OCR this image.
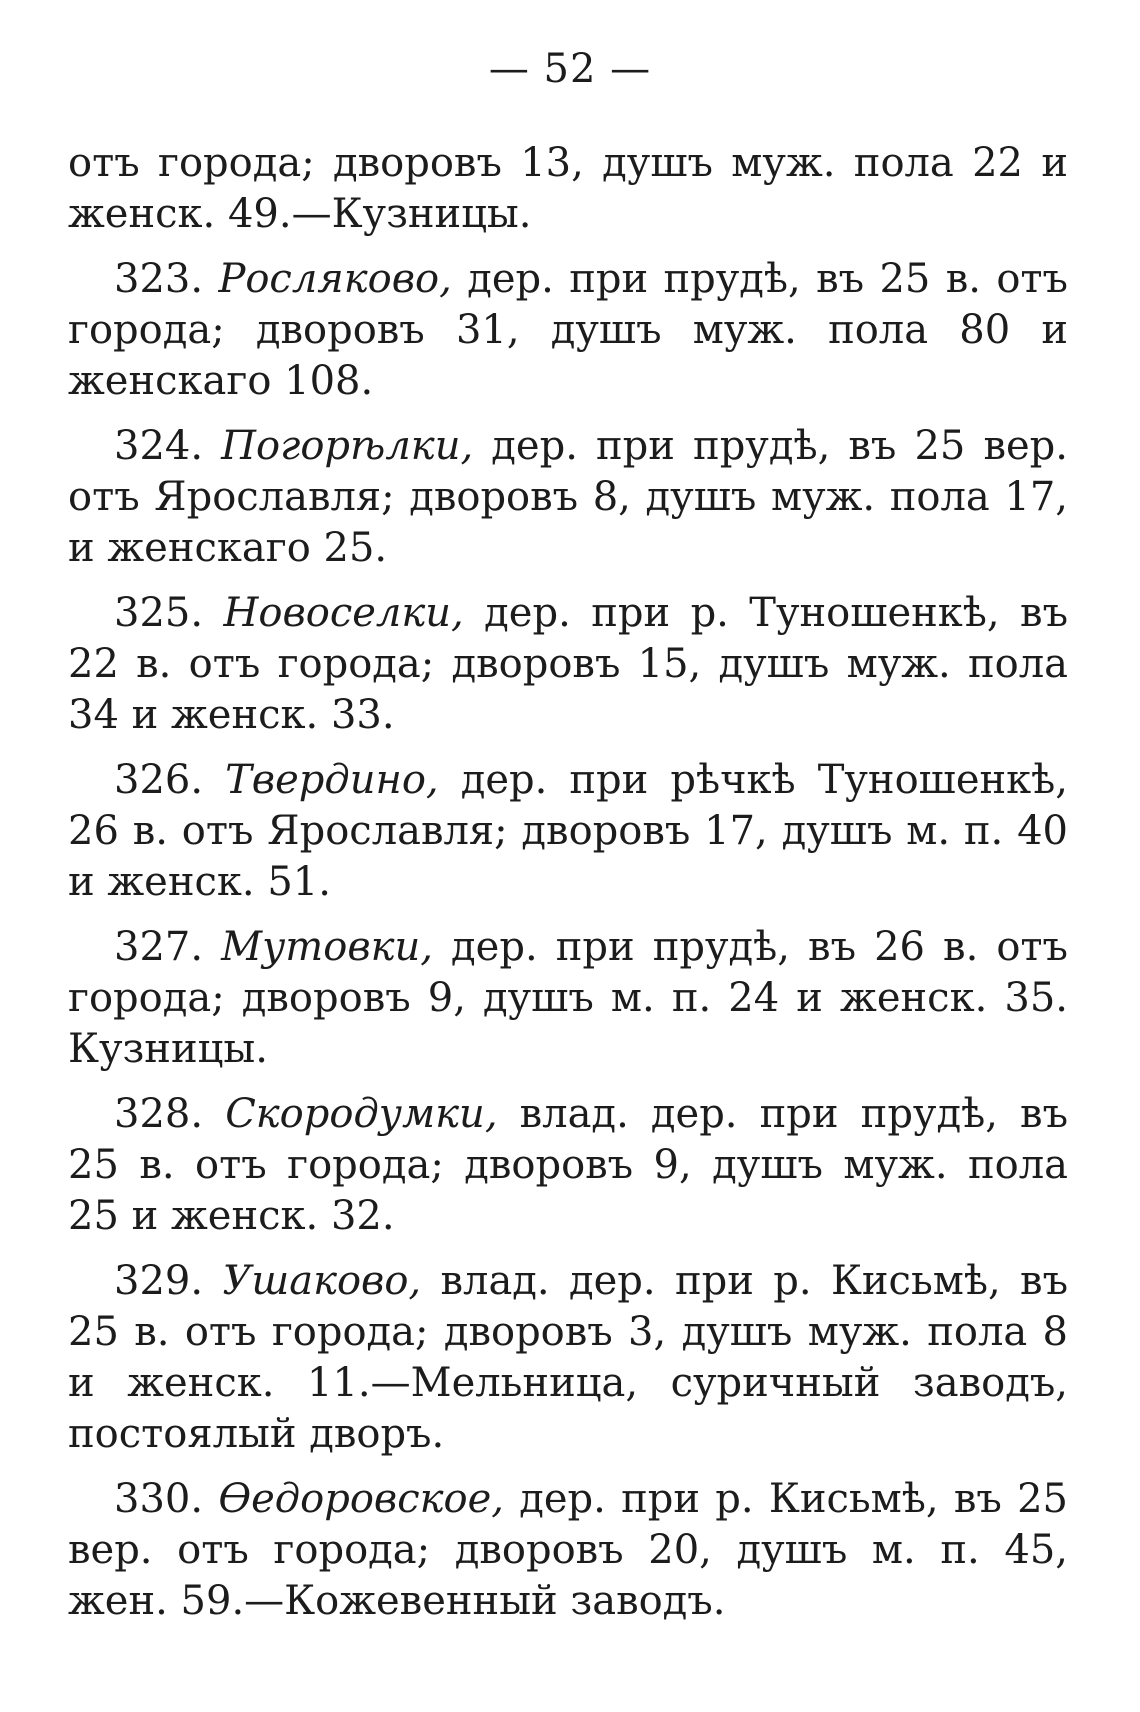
— 52 —

отъ города; дворовъ 13, душъ муж. пола 22 и женск. 49.—Кузницы.

323. Росляково, дер. при прудѣ, въ 25 в. отъ города; дворовъ 31, душъ муж. пола 80 и женскаго 108.

324. Погорѣлки, дер. при прудѣ, въ 25 вер. отъ Ярославля; дворовъ 8, душъ муж. пола 17, и женскаго 25.

325. Новоселки, дер. при р. Туношенкѣ, въ 22 в. отъ города; дворовъ 15, душъ муж. пола 34 и женск. 33.

326. Твердино, дер. при рѣчкѣ Туношенкѣ, 26 в. отъ Ярославля; дворовъ 17, душъ м. п. 40 и женск. 51.

327. Мутовки, дер. при прудѣ, въ 26 в. отъ города; дворовъ 9, душъ м. п. 24 и женск. 35. Кузницы.

328. Скородумки, влад. дер. при прудѣ, въ 25 в. отъ города; дворовъ 9, душъ муж. пола 25 и женск. 32.

329. Ушаково, влад. дер. при р. Кисьмѣ, въ 25 в. отъ города; дворовъ 3, душъ муж. пола 8 и женск. 11.—Мельница, суричный заводъ, постоялый дворъ.

330. Ѳедоровское, дер. при р. Кисьмѣ, въ 25 вер. отъ города; дворовъ 20, душъ м. п. 45, жен. 59.—Кожевенный заводъ.
